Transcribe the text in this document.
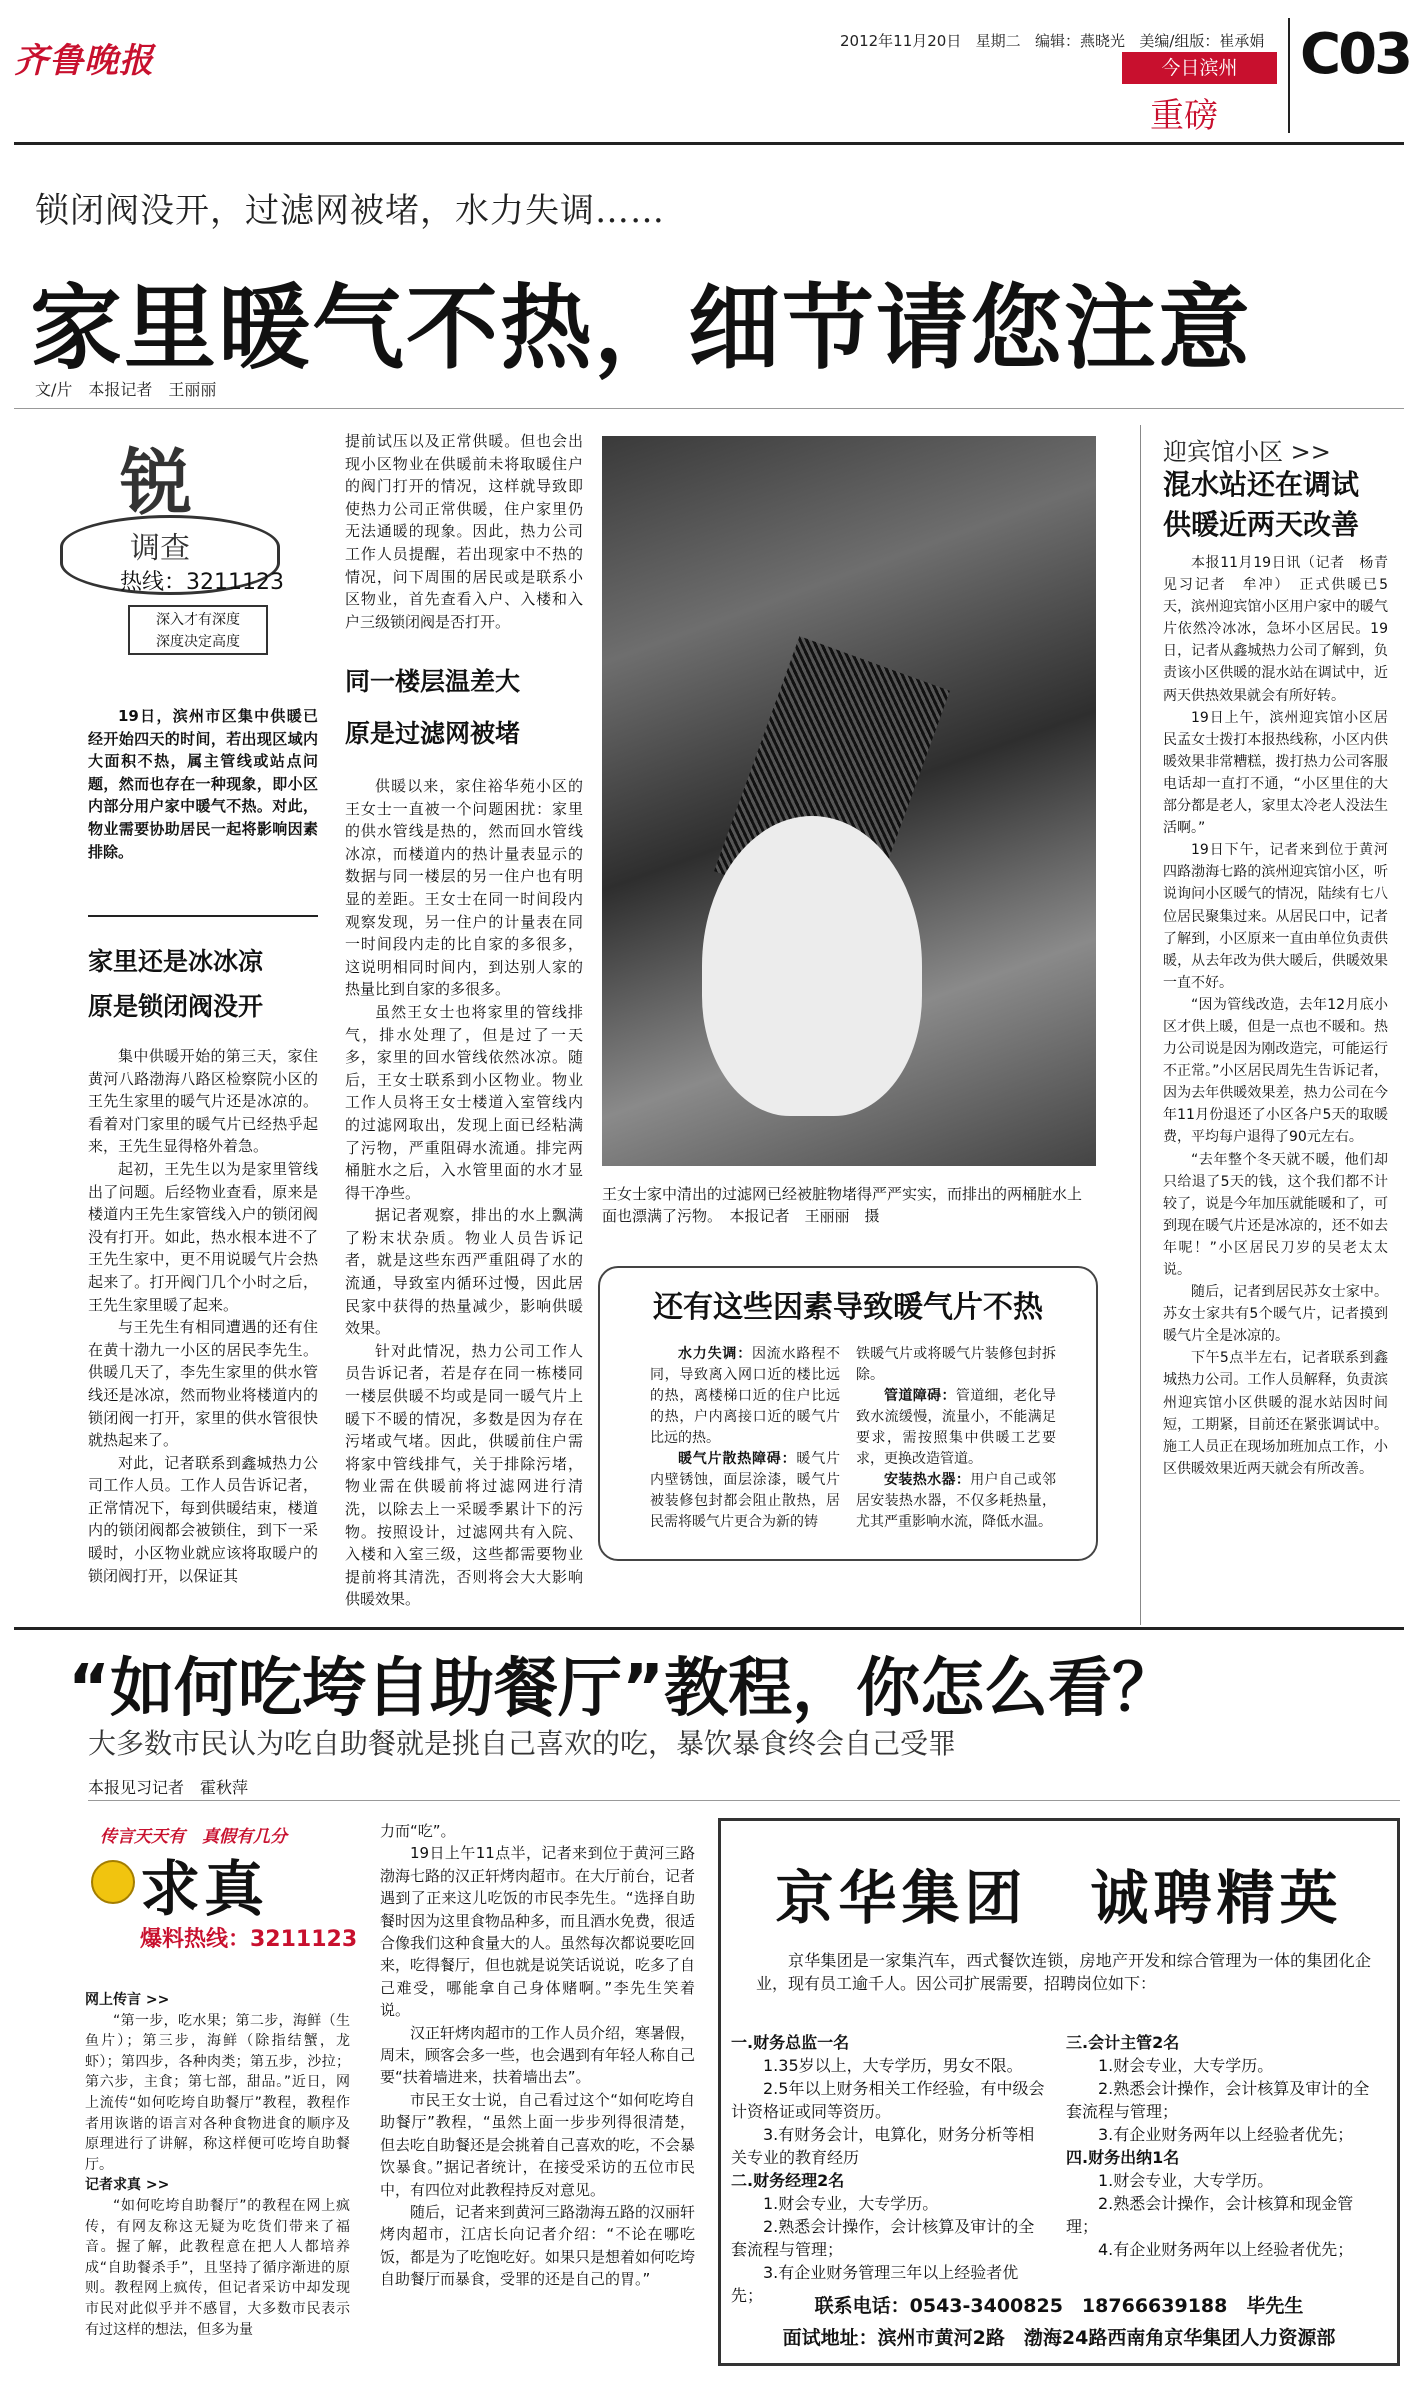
齐鲁晚报	2012年11月20日 星期二 编辑：燕晓光 美编/组版：崔承娟
今日滨州
重磅
C03
锁闭阀没开，过滤网被堵，水力失调……
家里暖气不热，细节请您注意
文/片　本报记者　王丽丽
锐
调查
热线：3211123
深入才有深度
深度决定高度

19日，滨州市区集中供暖已经开始四天的时间，若出现区域内大面积不热，属主管线或站点问题，然而也存在一种现象，即小区内部分用户家中暖气不热。对此，物业需要协助居民一起将影响因素排除。

家里还是冰冰凉
原是锁闭阀没开

集中供暖开始的第三天，家住黄河八路渤海八路区检察院小区的王先生家里的暖气片还是冰凉的。看着对门家里的暖气片已经热乎起来，王先生显得格外着急。

起初，王先生以为是家里管线出了问题。后经物业查看，原来是楼道内王先生家管线入户的锁闭阀没有打开。如此，热水根本进不了王先生家中，更不用说暖气片会热起来了。打开阀门几个小时之后，王先生家里暖了起来。

与王先生有相同遭遇的还有住在黄十渤九一小区的居民李先生。供暖几天了，李先生家里的供水管线还是冰凉，然而物业将楼道内的锁闭阀一打开，家里的供水管很快就热起来了。

对此，记者联系到鑫城热力公司工作人员。工作人员告诉记者，正常情况下，每到供暖结束，楼道内的锁闭阀都会被锁住，到下一采暖时，小区物业就应该将取暖户的锁闭阀打开，以保证其

提前试压以及正常供暖。但也会出现小区物业在供暖前未将取暖住户的阀门打开的情况，这样就导致即使热力公司正常供暖，住户家里仍无法通暖的现象。因此，热力公司工作人员提醒，若出现家中不热的情况，问下周围的居民或是联系小区物业，首先查看入户、入楼和入户三级锁闭阀是否打开。

同一楼层温差大
原是过滤网被堵

供暖以来，家住裕华苑小区的王女士一直被一个问题困扰：家里的供水管线是热的，然而回水管线冰凉，而楼道内的热计量表显示的数据与同一楼层的另一住户也有明显的差距。王女士在同一时间段内观察发现，另一住户的计量表在同一时间段内走的比自家的多很多，这说明相同时间内，到达别人家的热量比到自家的多很多。

虽然王女士也将家里的管线排气，排水处理了，但是过了一天多，家里的回水管线依然冰凉。随后，王女士联系到小区物业。物业工作人员将王女士楼道入室管线内的过滤网取出，发现上面已经粘满了污物，严重阻碍水流通。排完两桶脏水之后，入水管里面的水才显得干净些。

据记者观察，排出的水上飘满了粉末状杂质。物业人员告诉记者，就是这些东西严重阻碍了水的流通，导致室内循环过慢，因此居民家中获得的热量减少，影响供暖效果。

针对此情况，热力公司工作人员告诉记者，若是存在同一栋楼同一楼层供暖不均或是同一暖气片上暖下不暖的情况，多数是因为存在污堵或气堵。因此，供暖前住户需将家中管线排气，关于排除污堵，物业需在供暖前将过滤网进行清洗，以除去上一采暖季累计下的污物。按照设计，过滤网共有入院、入楼和入室三级，这些都需要物业提前将其清洗，否则将会大大影响供暖效果。

王女士家中清出的过滤网已经被脏物堵得严严实实，而排出的两桶脏水上面也漂满了污物。　本报记者　王丽丽　摄
还有这些因素导致暖气片不热

水力失调：因流水路程不同，导致离入网口近的楼比远的热，离楼梯口近的住户比远的热，户内离接口近的暖气片比远的热。

暖气片散热障碍：暖气片内壁锈蚀，面层涂漆，暖气片被装修包封都会阻止散热，居民需将暖气片更合为新的铸

铁暖气片或将暖气片装修包封拆除。

管道障碍：管道细，老化导致水流缓慢，流量小，不能满足要求，需按照集中供暖工艺要求，更换改造管道。

安装热水器：用户自己或邻居安装热水器，不仅多耗热量，尤其严重影响水流，降低水温。

迎宾馆小区 >>
混水站还在调试
供暖近两天改善

本报11月19日讯（记者　杨青　见习记者　牟冲）　正式供暖已5天，滨州迎宾馆小区用户家中的暖气片依然冷冰冰，急坏小区居民。19日，记者从鑫城热力公司了解到，负责该小区供暖的混水站在调试中，近两天供热效果就会有所好转。

19日上午，滨州迎宾馆小区居民孟女士拨打本报热线称，小区内供暖效果非常糟糕，拨打热力公司客服电话却一直打不通，“小区里住的大部分都是老人，家里太冷老人没法生活啊。”

19日下午，记者来到位于黄河四路渤海七路的滨州迎宾馆小区，听说询问小区暖气的情况，陆续有七八位居民聚集过来。从居民口中，记者了解到，小区原来一直由单位负责供暖，从去年改为供大暖后，供暖效果一直不好。

“因为管线改造，去年12月底小区才供上暖，但是一点也不暖和。热力公司说是因为刚改造完，可能运行不正常。”小区居民周先生告诉记者，因为去年供暖效果差，热力公司在今年11月份退还了小区各户5天的取暖费，平均每户退得了90元左右。

“去年整个冬天就不暖，他们却只给退了5天的钱，这个我们都不计较了，说是今年加压就能暖和了，可到现在暖气片还是冰凉的，还不如去年呢！”小区居民刀岁的吴老太太说。

随后，记者到居民苏女士家中。苏女士家共有5个暖气片，记者摸到暖气片全是冰凉的。

下午5点半左右，记者联系到鑫城热力公司。工作人员解释，负责滨州迎宾馆小区供暖的混水站因时间短，工期紧，目前还在紧张调试中。施工人员正在现场加班加点工作，小区供暖效果近两天就会有所改善。

“如何吃垮自助餐厅”教程，你怎么看？
大多数市民认为吃自助餐就是挑自己喜欢的吃，暴饮暴食终会自己受罪
本报见习记者　霍秋萍
传言天天有　真假有几分
求真
爆料热线：3211123
网上传言 >>

“第一步，吃水果；第二步，海鲜（生鱼片）；第三步，海鲜（除指结蟹，龙虾）；第四步，各种肉类；第五步，沙拉；第六步，主食；第七部，甜品。”近日，网上流传“如何吃垮自助餐厅”教程，教程作者用诙谐的语言对各种食物进食的顺序及原理进行了讲解，称这样便可吃垮自助餐厅。

记者求真 >>

“如何吃垮自助餐厅”的教程在网上疯传，有网友称这无疑为吃货们带来了福音。握了解，此教程意在把人人都培养成“自助餐杀手”，且坚持了循序渐进的原则。教程网上疯传，但记者采访中却发现市民对此似乎并不感冒，大多数市民表示有过这样的想法，但多为量

力而“吃”。

19日上午11点半，记者来到位于黄河三路渤海七路的汉正轩烤肉超市。在大厅前台，记者遇到了正来这儿吃饭的市民李先生。“选择自助餐时因为这里食物品种多，而且酒水免费，很适合像我们这种食量大的人。虽然每次都说要吃回来，吃得餐厅，但也就是说笑话说说，吃多了自己难受，哪能拿自己身体赌啊。”李先生笑着说。

汉正轩烤肉超市的工作人员介绍，寒暑假，周末，顾客会多一些，也会遇到有年轻人称自己要“扶着墙进来，扶着墙出去”。

市民王女士说，自己看过这个“如何吃垮自助餐厅”教程，“虽然上面一步步列得很清楚，但去吃自助餐还是会挑着自己喜欢的吃，不会暴饮暴食。”据记者统计，在接受采访的五位市民中，有四位对此教程持反对意见。

随后，记者来到黄河三路渤海五路的汉丽轩烤肉超市，江店长向记者介绍：“不论在哪吃饭，都是为了吃饱吃好。如果只是想着如何吃垮自助餐厅而暴食，受罪的还是自己的胃。”

京华集团　诚聘精英

京华集团是一家集汽车，西式餐饮连锁，房地产开发和综合管理为一体的集团化企业，现有员工逾千人。因公司扩展需要，招聘岗位如下：

一.财务总监一名

1.35岁以上，大专学历，男女不限。

2.5年以上财务相关工作经验，有中级会计资格证或同等资历。

3.有财务会计，电算化，财务分析等相关专业的教育经历

二.财务经理2名

1.财会专业，大专学历。

2.熟悉会计操作，会计核算及审计的全套流程与管理；

3.有企业财务管理三年以上经验者优先；

三.会计主管2名

1.财会专业，大专学历。

2.熟悉会计操作，会计核算及审计的全套流程与管理；

3.有企业财务两年以上经验者优先；

四.财务出纳1名

1.财会专业，大专学历。

2.熟悉会计操作，会计核算和现金管理；

4.有企业财务两年以上经验者优先；

联系电话：0543-3400825　18766639188　毕先生
面试地址：滨州市黄河2路　渤海24路西南角京华集团人力资源部
